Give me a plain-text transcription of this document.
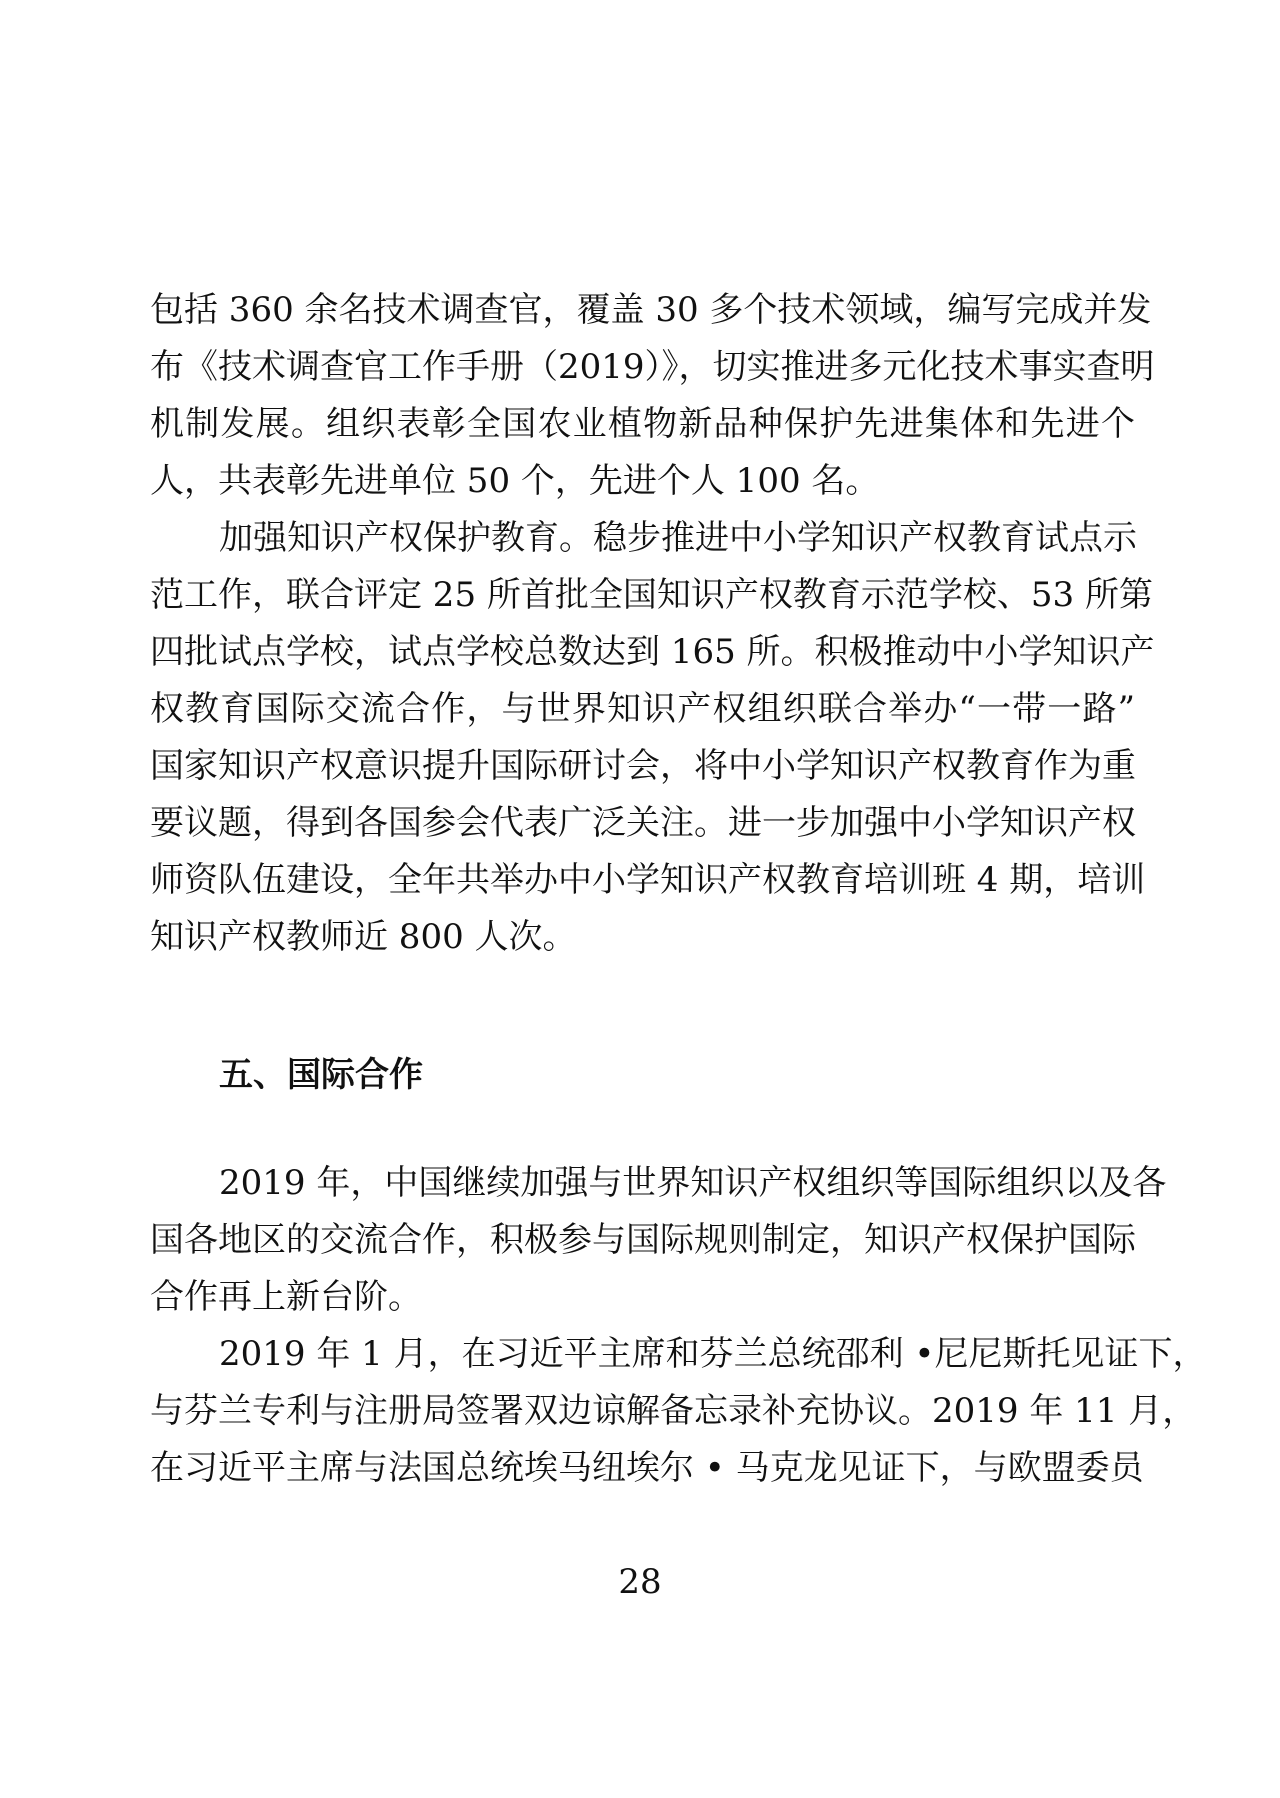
包括 360 余名技术调查官，覆盖 30 多个技术领域，编写完成并发
布《技术调查官工作手册（2019）》，切实推进多元化技术事实查明
机制发展。组织表彰全国农业植物新品种保护先进集体和先进个
人，共表彰先进单位 50 个，先进个人 100 名。
加强知识产权保护教育。稳步推进中小学知识产权教育试点示
范工作，联合评定 25 所首批全国知识产权教育示范学校、53 所第
四批试点学校，试点学校总数达到 165 所。积极推动中小学知识产
权教育国际交流合作，与世界知识产权组织联合举办“一带一路”
国家知识产权意识提升国际研讨会，将中小学知识产权教育作为重
要议题，得到各国参会代表广泛关注。进一步加强中小学知识产权
师资队伍建设，全年共举办中小学知识产权教育培训班 4 期，培训
知识产权教师近 800 人次。
五、国际合作
2019 年，中国继续加强与世界知识产权组织等国际组织以及各
国各地区的交流合作，积极参与国际规则制定，知识产权保护国际
合作再上新台阶。
2019 年 1 月，在习近平主席和芬兰总统邵利 •尼尼斯托见证下，
与芬兰专利与注册局签署双边谅解备忘录补充协议。2019 年 11 月，
在习近平主席与法国总统埃马纽埃尔 • 马克龙见证下，与欧盟委员
28
